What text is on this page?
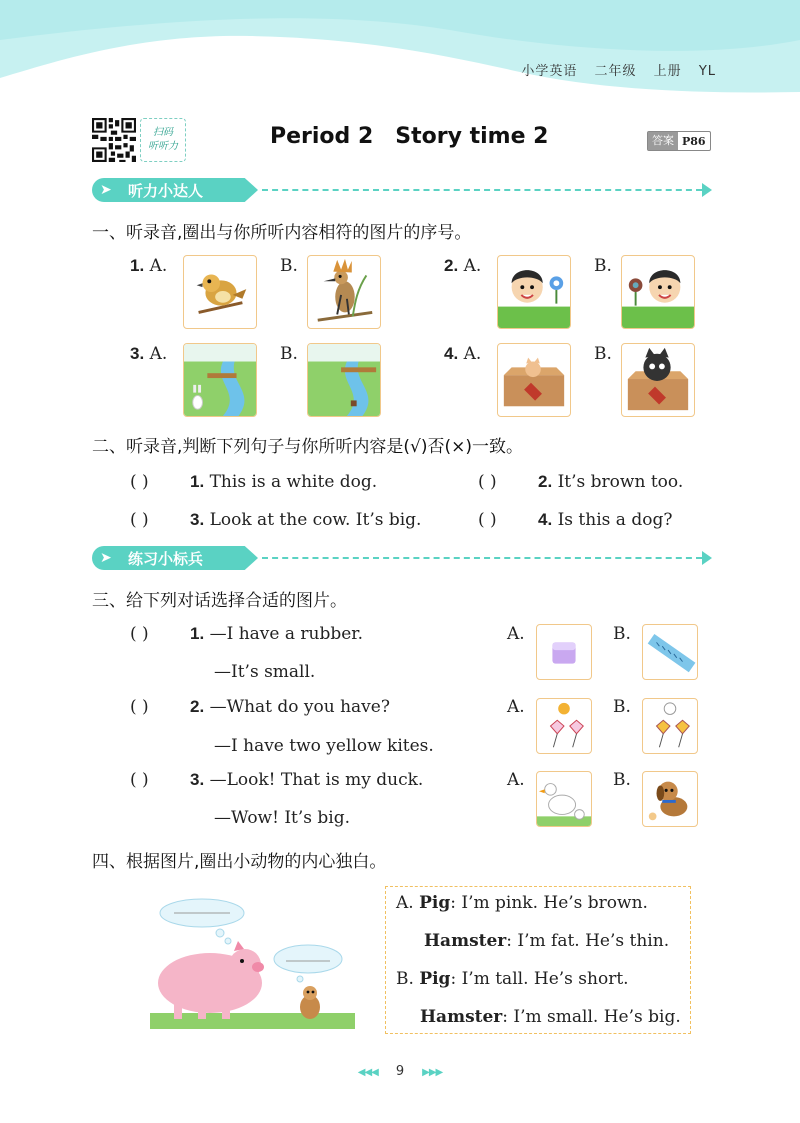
小学英语 二年级 上册 YL
扫码
听听力	Period 2 Story time 2	答案 P86
➤ 听力小达人
一、听录音,圈出与你所听内容相符的图片的序号。
1. A.	B.	2. A.	B.
3. A.	B.	4. A.	B.
二、听录音,判断下列句子与你所听内容是(√)否(×)一致。
( ) 1. This is a white dog.	( ) 2. It’s brown too.
( ) 3. Look at the cow. It’s big.	( ) 4. Is this a dog?
➤ 练习小标兵
三、给下列对话选择合适的图片。
( ) 1. —I have a rubber.
—It’s small.
A.	B.
( ) 2. —What do you have?
—I have two yellow kites.
A.	B.
( ) 3. —Look! That is my duck.
—Wow! It’s big.
A.	B.
四、根据图片,圈出小动物的内心独白。
A. Pig: I’m pink. He’s brown.
Hamster: I’m fat. He’s thin.
B. Pig: I’m tall. He’s short.
Hamster: I’m small. He’s big.
◀◀◀ 9 ▶▶▶
